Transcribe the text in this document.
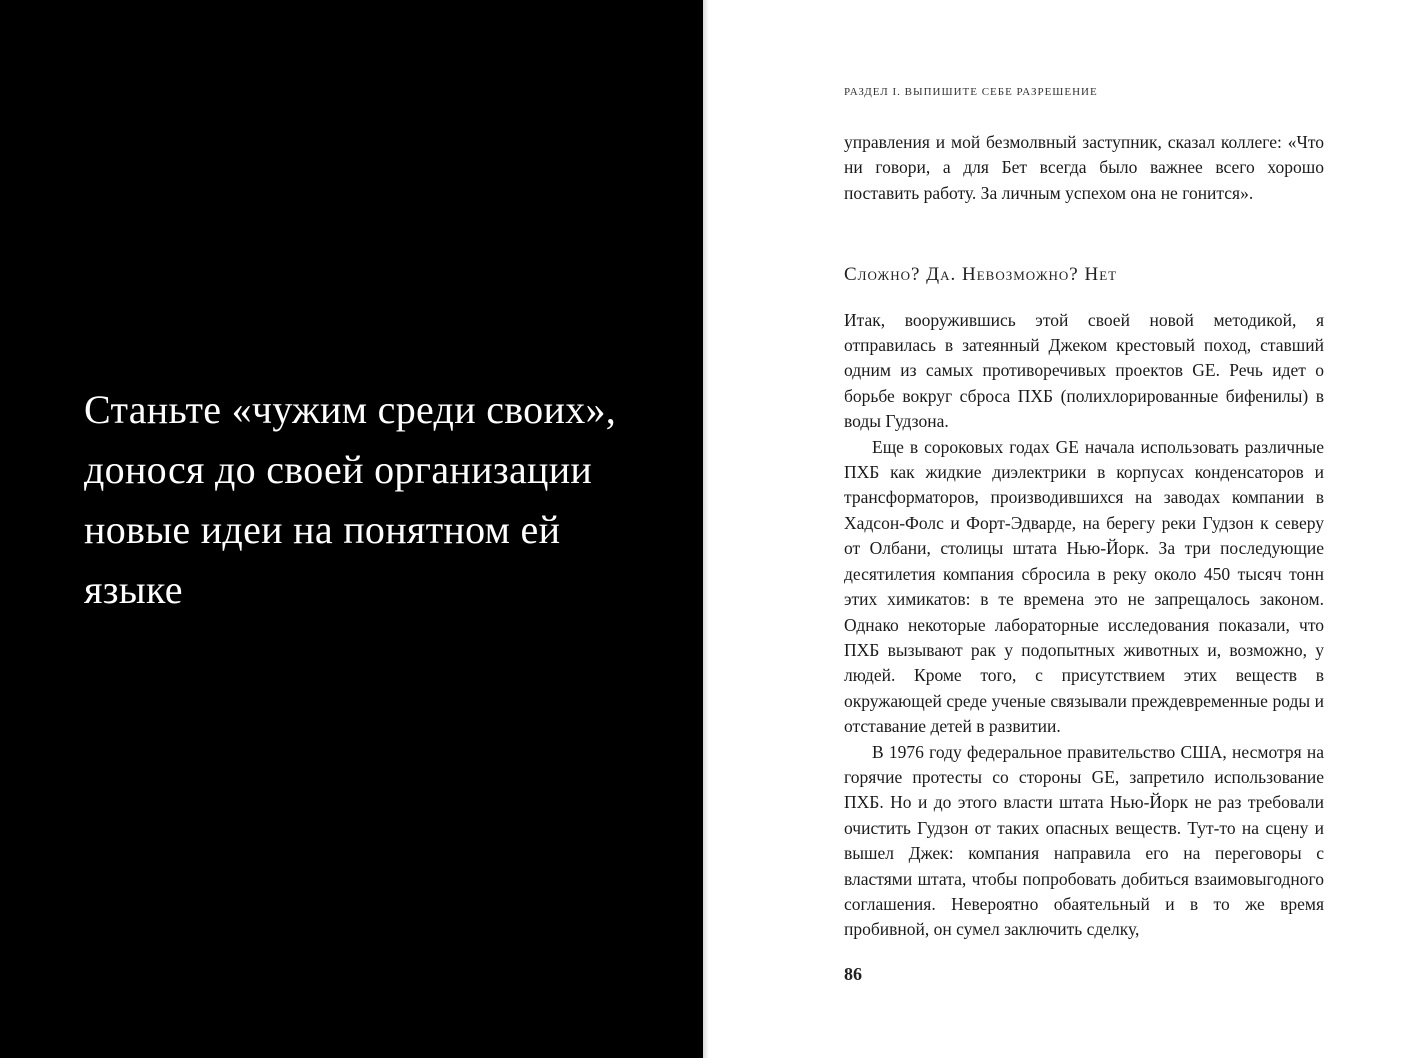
Станьте «чужим среди своих», донося до своей организации новые идеи на понятном ей языке

РАЗДЕЛ I. ВЫПИШИТЕ СЕБЕ РАЗРЕШЕНИЕ

управления и мой безмолвный заступник, сказал коллеге: «Что ни говори, а для Бет всегда было важнее всего хорошо поставить работу. За личным успехом она не гонится».

Сложно? Да. Невозможно? Нет

Итак, вооружившись этой своей новой методикой, я отправилась в затеянный Джеком крестовый поход, ставший одним из самых противоречивых проектов GE. Речь идет о борьбе вокруг сброса ПХБ (полихлорированные бифенилы) в воды Гудзона.

Еще в сороковых годах GE начала использовать различные ПХБ как жидкие диэлектрики в корпусах конденсаторов и трансформаторов, производившихся на заводах компании в Хадсон-Фолс и Форт-Эдварде, на берегу реки Гудзон к северу от Олбани, столицы штата Нью-Йорк. За три последующие десятилетия компания сбросила в реку около 450 тысяч тонн этих химикатов: в те времена это не запрещалось законом. Однако некоторые лабораторные исследования показали, что ПХБ вызывают рак у подопытных животных и, возможно, у людей. Кроме того, с присутствием этих веществ в окружающей среде ученые связывали преждевременные роды и отставание детей в развитии.

В 1976 году федеральное правительство США, несмотря на горячие протесты со стороны GE, запретило использование ПХБ. Но и до этого власти штата Нью-Йорк не раз требовали очистить Гудзон от таких опасных веществ. Тут-то на сцену и вышел Джек: компания направила его на переговоры с властями штата, чтобы попробовать добиться взаимовыгодного соглашения. Невероятно обаятельный и в то же время пробивной, он сумел заключить сделку,

86
